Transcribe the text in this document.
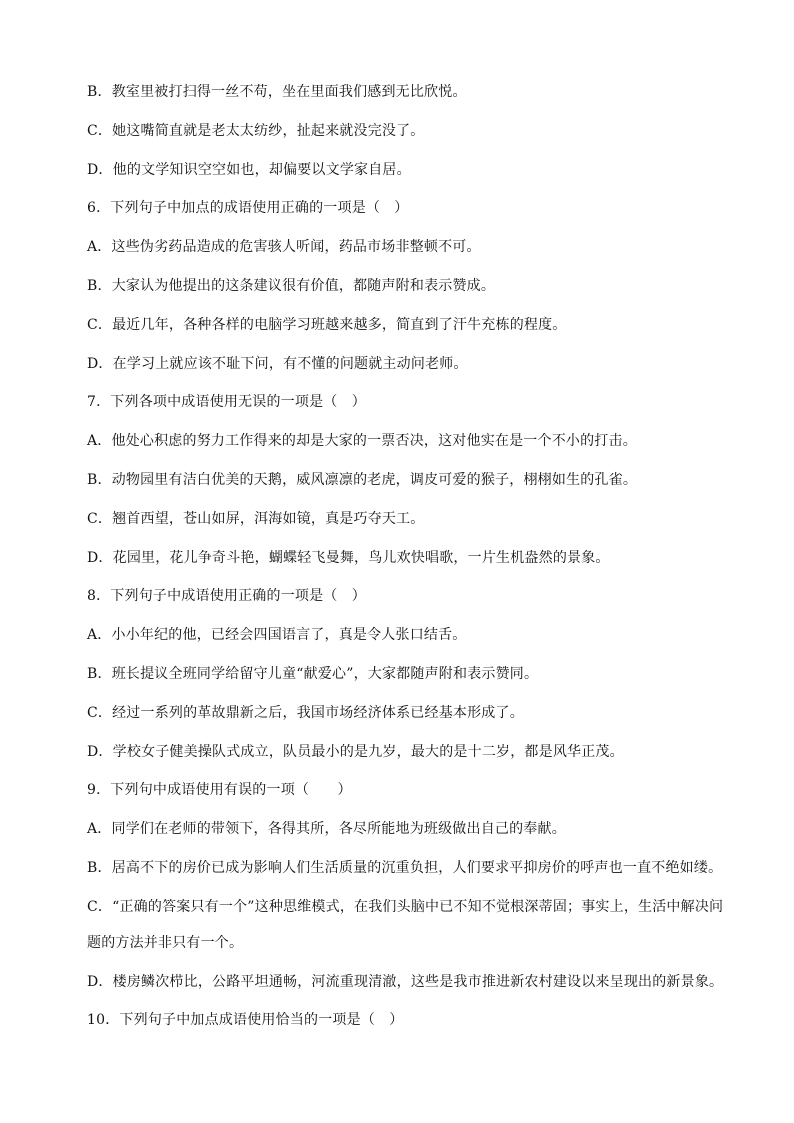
B．教室里被打扫得一丝不苟，坐在里面我们感到无比欣悦。
C．她这嘴简直就是老太太纺纱，扯起来就没完没了。
D．他的文学知识空空如也，却偏要以文学家自居。
6．下列句子中加点的成语使用正确的一项是（　）
A．这些伪劣药品造成的危害骇人听闻，药品市场非整顿不可。
B．大家认为他提出的这条建议很有价值，都随声附和表示赞成。
C．最近几年，各种各样的电脑学习班越来越多，简直到了汗牛充栋的程度。
D．在学习上就应该不耻下问，有不懂的问题就主动问老师。
7．下列各项中成语使用无误的一项是（　）
A．他处心积虑的努力工作得来的却是大家的一票否决，这对他实在是一个不小的打击。
B．动物园里有洁白优美的天鹅，威风凛凛的老虎，调皮可爱的猴子，栩栩如生的孔雀。
C．翘首西望，苍山如屏，洱海如镜，真是巧夺天工。
D．花园里，花儿争奇斗艳，蝴蝶轻飞曼舞，鸟儿欢快唱歌，一片生机盎然的景象。
8．下列句子中成语使用正确的一项是（　）
A．小小年纪的他，已经会四国语言了，真是令人张口结舌。
B．班长提议全班同学给留守儿童“献爱心”，大家都随声附和表示赞同。
C．经过一系列的革故鼎新之后，我国市场经济体系已经基本形成了。
D．学校女子健美操队式成立，队员最小的是九岁，最大的是十二岁，都是风华正茂。
9．下列句中成语使用有误的一项（　　）
A．同学们在老师的带领下，各得其所，各尽所能地为班级做出自己的奉献。
B．居高不下的房价已成为影响人们生活质量的沉重负担，人们要求平抑房价的呼声也一直不绝如缕。
C．“正确的答案只有一个”这种思维模式，在我们头脑中已不知不觉根深蒂固；事实上，生活中解决问
题的方法并非只有一个。
D．楼房鳞次栉比，公路平坦通畅，河流重现清澈，这些是我市推进新农村建设以来呈现出的新景象。
10．下列句子中加点成语使用恰当的一项是（　）
